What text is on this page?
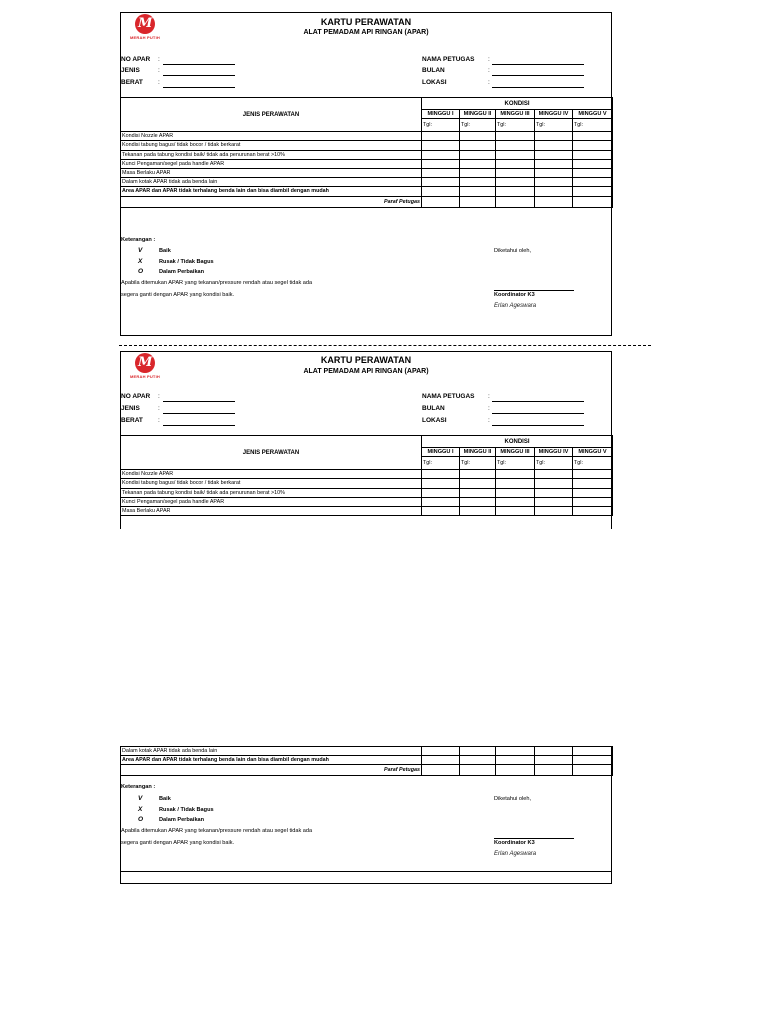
M
MERAH PUTIH
KARTU PERAWATAN
ALAT PEMADAM API RINGAN (APAR)
NO APAR :
JENIS	:
BERAT :
NAMA PETUGAS :
BULAN	:
LOKASI	:
JENIS PERAWATAN	KONDISI				
	MINGGU I	MINGGU II	MINGGU III	MINGGU IV	MINGGU V
	Tgl:	Tgl:	Tgl:	Tgl:	Tgl:
Kondisi Nozzle APAR					
Kondisi tabung bagus/ tidak bocor / tidak berkarat					
Tekanan pada tabung kondisi baik/ tidak ada penurunan berat >10%					
Kunci Pengaman/segel pada handle APAR					
Masa Berlaku APAR					
Dalam kotak APAR tidak ada benda lain					
Area APAR dan APAR tidak terhalang benda lain dan bisa diambil dengan mudah					
Paraf Petugas					
Keterangan :
V	Baik
X	Rusak / Tidak Bagus
O	Dalam Perbaikan
Apabila ditemukan APAR yang tekanan/pressure rendah atau segel tidak ada
segera ganti dengan APAR yang kondisi baik.
Diketahui oleh,
Koordinator K3
Erlan Ageswara
M
MERAH PUTIH
KARTU PERAWATAN
ALAT PEMADAM API RINGAN (APAR)
NO APAR :
JENIS	:
BERAT :
NAMA PETUGAS :
BULAN	:
LOKASI	:
JENIS PERAWATAN	KONDISI				
	MINGGU I	MINGGU II	MINGGU III	MINGGU IV	MINGGU V
	Tgl:	Tgl:	Tgl:	Tgl:	Tgl:
Kondisi Nozzle APAR					
Kondisi tabung bagus/ tidak bocor / tidak berkarat					
Tekanan pada tabung kondisi baik/ tidak ada penurunan berat >10%					
Kunci Pengaman/segel pada handle APAR					
Masa Berlaku APAR					
Dalam kotak APAR tidak ada benda lain					
Area APAR dan APAR tidak terhalang benda lain dan bisa diambil dengan mudah					
Paraf Petugas					
Keterangan :
V	Baik
X	Rusak / Tidak Bagus
O	Dalam Perbaikan
Apabila ditemukan APAR yang tekanan/pressure rendah atau segel tidak ada
segera ganti dengan APAR yang kondisi baik.
Diketahui oleh,
Koordinator K3
Erlan Ageswara
